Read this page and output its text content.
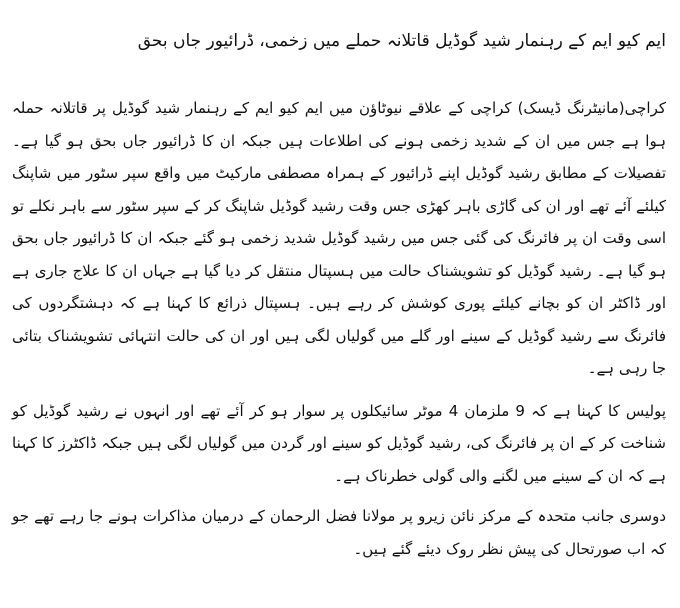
ایم کیو ایم کے رہنمار شید گوڈیل قاتلانہ حملے میں زخمی، ڈرائیور جاں بحق

کراچی(مانیٹرنگ ڈیسک) کراچی کے علاقے نیوٹاؤن میں ایم کیو ایم کے رہنمار شید گوڈیل پر قاتلانہ حملہ ہوا ہے جس میں ان کے شدید زخمی ہونے کی اطلاعات ہیں جبکہ ان کا ڈرائیور جاں بحق ہو گیا ہے۔ تفصیلات کے مطابق رشید گوڈیل اپنے ڈرائیور کے ہمراہ مصطفی مارکیٹ میں واقع سپر سٹور میں شاپنگ کیلئے آئے تھے اور ان کی گاڑی باہر کھڑی جس وقت رشید گوڈیل شاپنگ کر کے سپر سٹور سے باہر نکلے تو اسی وقت ان پر فائرنگ کی گئی جس میں رشید گوڈیل شدید زخمی ہو گئے جبکہ ان کا ڈرائیور جاں بحق ہو گیا ہے۔ رشید گوڈیل کو تشویشناک حالت میں ہسپتال منتقل کر دیا گیا ہے جہاں ان کا علاج جاری ہے اور ڈاکٹر ان کو بچانے کیلئے پوری کوشش کر رہے ہیں۔ ہسپتال ذرائع کا کہنا ہے کہ دہشتگردوں کی فائرنگ سے رشید گوڈیل کے سینے اور گلے میں گولیاں لگی ہیں اور ان کی حالت انتہائی تشویشناک بتائی جا رہی ہے۔

پولیس کا کہنا ہے کہ 9 ملزمان 4 موٹر سائیکلوں پر سوار ہو کر آئے تھے اور انہوں نے رشید گوڈیل کو شناخت کر کے ان پر فائرنگ کی، رشید گوڈیل کو سینے اور گردن میں گولیاں لگی ہیں جبکہ ڈاکٹرز کا کہنا ہے کہ ان کے سینے میں لگنے والی گولی خطرناک ہے۔

دوسری جانب متحدہ کے مرکز نائن زیرو پر مولانا فضل الرحمان کے درمیان مذاکرات ہونے جا رہے تھے جو کہ اب صورتحال کی پیش نظر روک دیئے گئے ہیں۔
